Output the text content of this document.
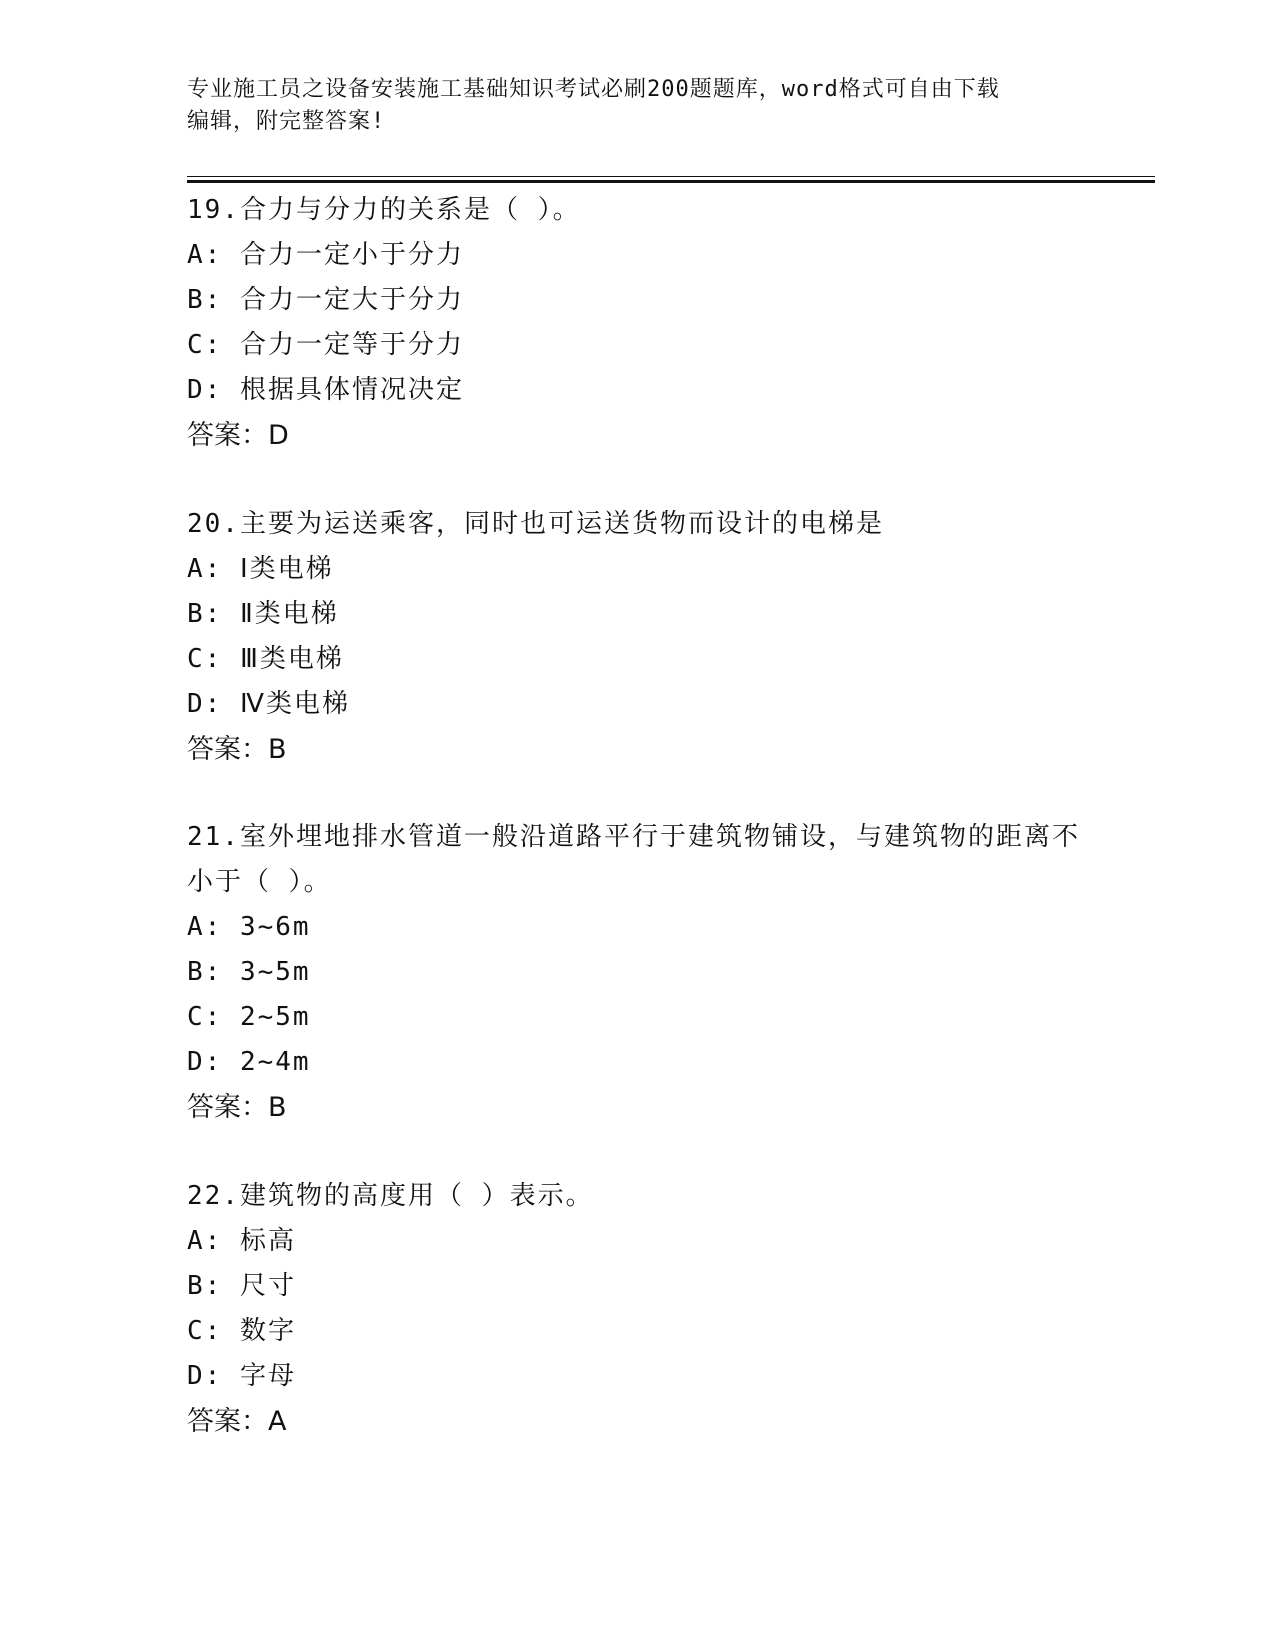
专业施工员之设备安装施工基础知识考试必刷200题题库，word格式可自由下载
编辑，附完整答案!
19.合力与分力的关系是（ ）。
A: 合力一定小于分力
B: 合力一定大于分力
C: 合力一定等于分力
D: 根据具体情况决定
答案：D
20.主要为运送乘客，同时也可运送货物而设计的电梯是
A: Ⅰ类电梯
B: Ⅱ类电梯
C: Ⅲ类电梯
D: Ⅳ类电梯
答案：B
21.室外埋地排水管道一般沿道路平行于建筑物铺设，与建筑物的距离不小于（ ）。
A: 3~6m
B: 3~5m
C: 2~5m
D: 2~4m
答案：B
22.建筑物的高度用（ ）表示。
A: 标高
B: 尺寸
C: 数字
D: 字母
答案：A
